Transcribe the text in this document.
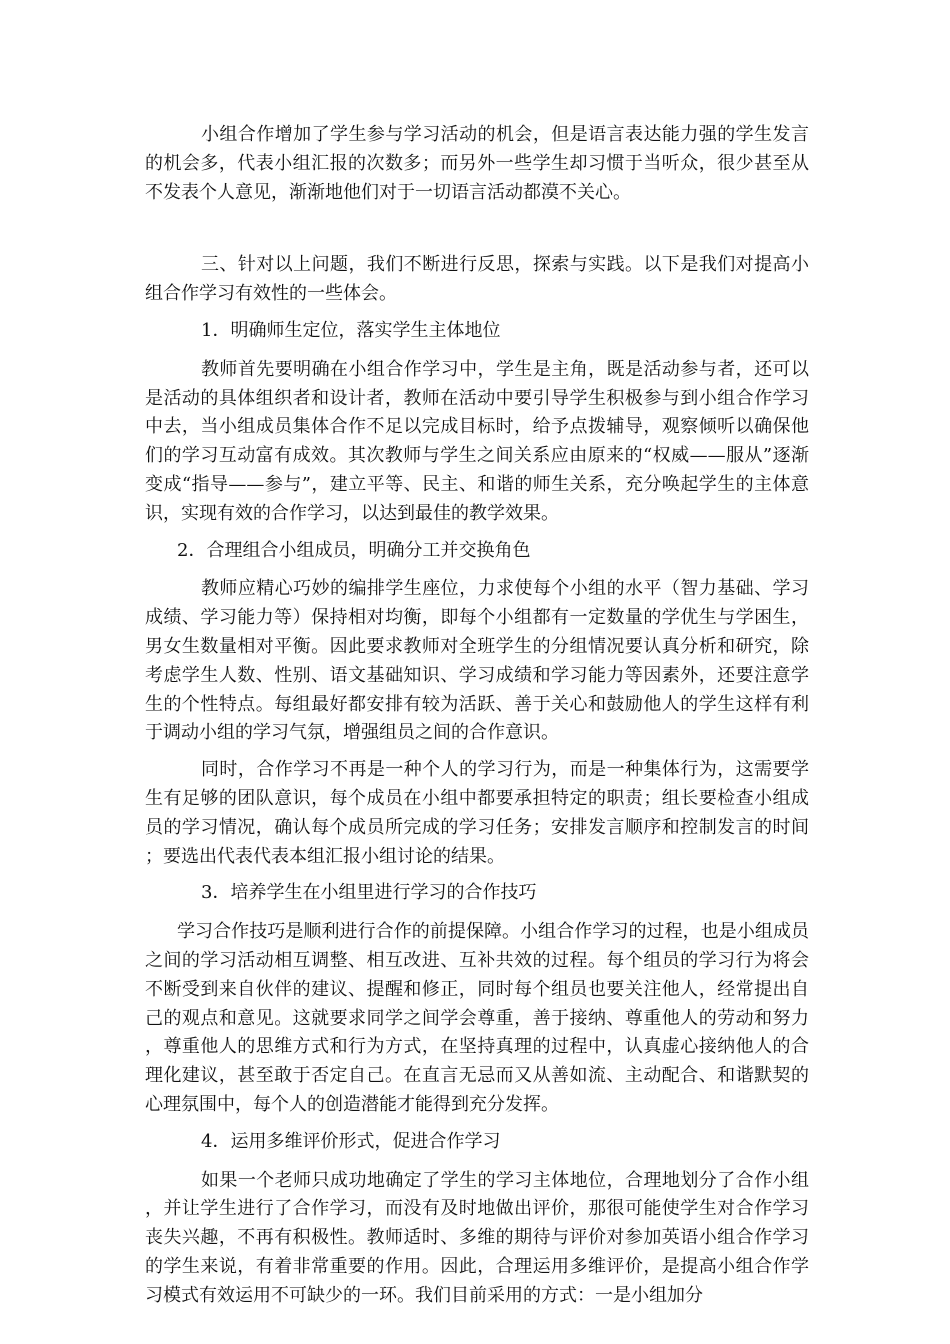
小组合作增加了学生参与学习活动的机会，但是语言表达能力强的学生发言的机会多，代表小组汇报的次数多；而另外一些学生却习惯于当听众，很少甚至从不发表个人意见，渐渐地他们对于一切语言活动都漠不关心。

三、针对以上问题，我们不断进行反思，探索与实践。以下是我们对提高小组合作学习有效性的一些体会。

1．明确师生定位，落实学生主体地位

教师首先要明确在小组合作学习中，学生是主角，既是活动参与者，还可以是活动的具体组织者和设计者，教师在活动中要引导学生积极参与到小组合作学习中去，当小组成员集体合作不足以完成目标时，给予点拨辅导，观察倾听以确保他们的学习互动富有成效。其次教师与学生之间关系应由原来的“权威——服从”逐渐变成“指导——参与”，建立平等、民主、和谐的师生关系，充分唤起学生的主体意识，实现有效的合作学习，以达到最佳的教学效果。

2．合理组合小组成员，明确分工并交换角色

教师应精心巧妙的编排学生座位，力求使每个小组的水平（智力基础、学习成绩、学习能力等）保持相对均衡，即每个小组都有一定数量的学优生与学困生，男女生数量相对平衡。因此要求教师对全班学生的分组情况要认真分析和研究，除考虑学生人数、性别、语文基础知识、学习成绩和学习能力等因素外，还要注意学生的个性特点。每组最好都安排有较为活跃、善于关心和鼓励他人的学生这样有利于调动小组的学习气氛，增强组员之间的合作意识。

同时，合作学习不再是一种个人的学习行为，而是一种集体行为，这需要学生有足够的团队意识，每个成员在小组中都要承担特定的职责；组长要检查小组成员的学习情况，确认每个成员所完成的学习任务；安排发言顺序和控制发言的时间；要选出代表代表本组汇报小组讨论的结果。

3．培养学生在小组里进行学习的合作技巧

学习合作技巧是顺利进行合作的前提保障。小组合作学习的过程，也是小组成员之间的学习活动相互调整、相互改进、互补共效的过程。每个组员的学习行为将会不断受到来自伙伴的建议、提醒和修正，同时每个组员也要关注他人，经常提出自己的观点和意见。这就要求同学之间学会尊重，善于接纳、尊重他人的劳动和努力，尊重他人的思维方式和行为方式，在坚持真理的过程中，认真虚心接纳他人的合理化建议，甚至敢于否定自己。在直言无忌而又从善如流、主动配合、和谐默契的心理氛围中，每个人的创造潜能才能得到充分发挥。

4．运用多维评价形式，促进合作学习

如果一个老师只成功地确定了学生的学习主体地位，合理地划分了合作小组，并让学生进行了合作学习，而没有及时地做出评价，那很可能使学生对合作学习丧失兴趣，不再有积极性。教师适时、多维的期待与评价对参加英语小组合作学习的学生来说，有着非常重要的作用。因此，合理运用多维评价，是提高小组合作学习模式有效运用不可缺少的一环。我们目前采用的方式：一是小组加分
